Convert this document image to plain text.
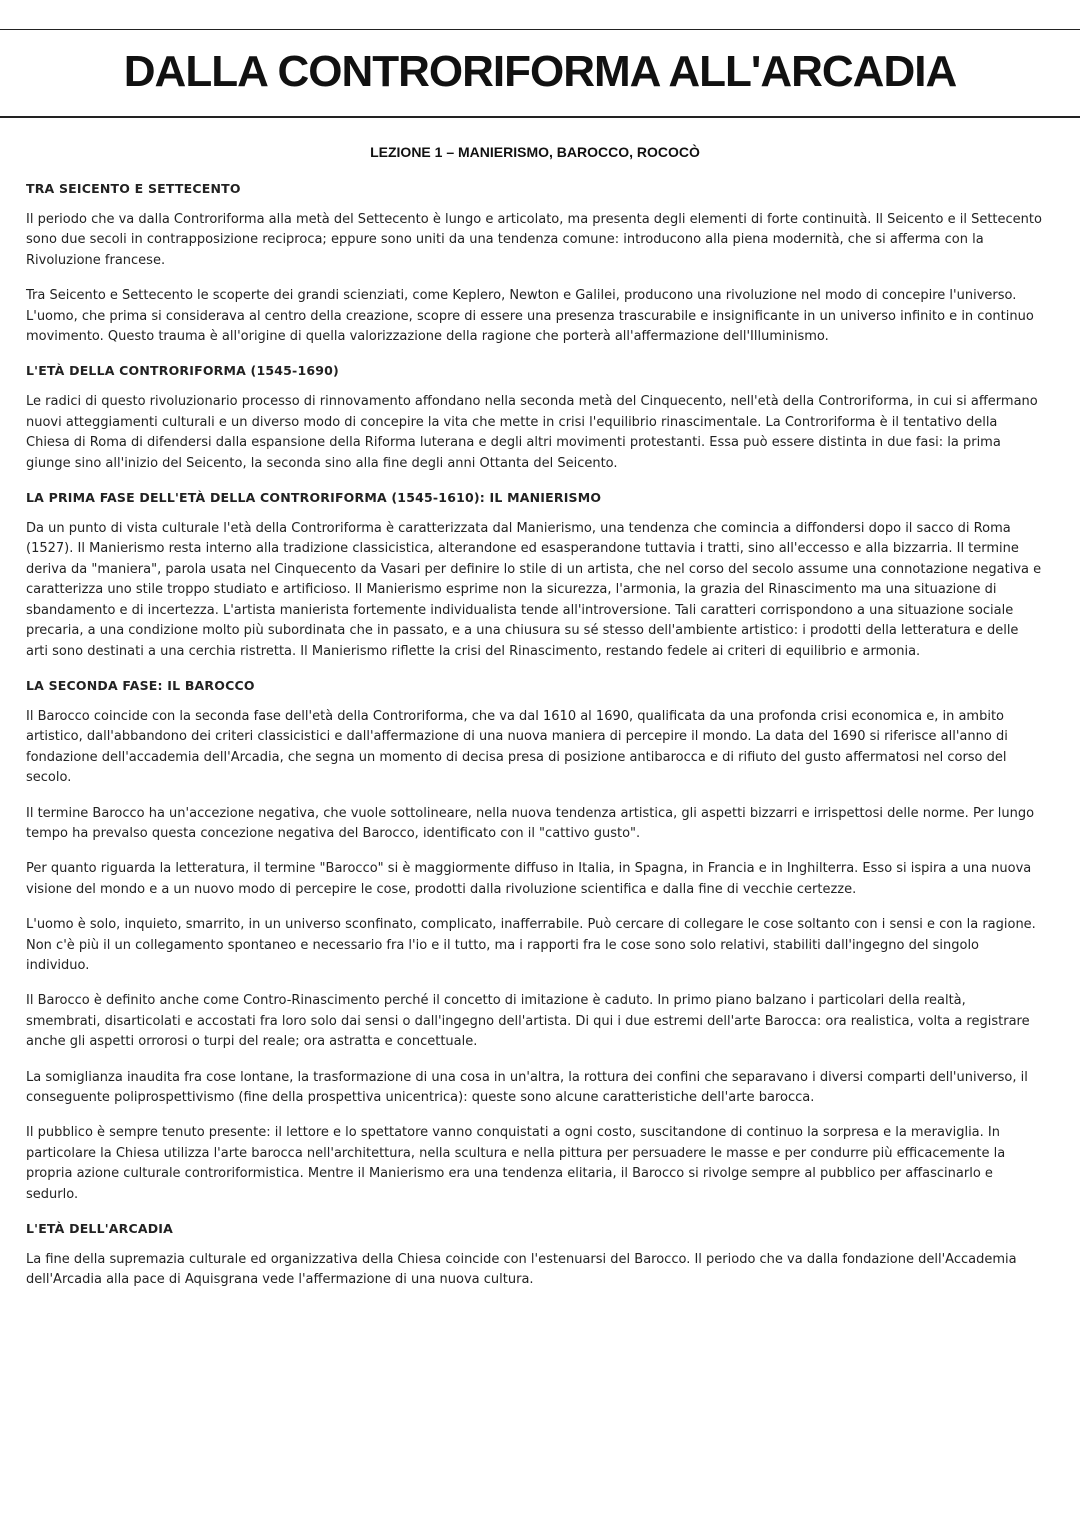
DALLA CONTRORIFORMA ALL'ARCADIA
LEZIONE 1 – MANIERISMO, BAROCCO, ROCOCÒ
TRA SEICENTO E SETTECENTO

Il periodo che va dalla Controriforma alla metà del Settecento è lungo e articolato, ma presenta degli elementi di forte continuità. Il Seicento e il Settecento sono due secoli in contrapposizione reciproca; eppure sono uniti da una tendenza comune: introducono alla piena modernità, che si afferma con la Rivoluzione francese.

Tra Seicento e Settecento le scoperte dei grandi scienziati, come Keplero, Newton e Galilei, producono una rivoluzione nel modo di concepire l'universo. L'uomo, che prima si considerava al centro della creazione, scopre di essere una presenza trascurabile e insignificante in un universo infinito e in continuo movimento. Questo trauma è all'origine di quella valorizzazione della ragione che porterà all'affermazione dell'Illuminismo.

L'ETÀ DELLA CONTRORIFORMA (1545-1690)

Le radici di questo rivoluzionario processo di rinnovamento affondano nella seconda metà del Cinquecento, nell'età della Controriforma, in cui si affermano nuovi atteggiamenti culturali e un diverso modo di concepire la vita che mette in crisi l'equilibrio rinascimentale. La Controriforma è il tentativo della Chiesa di Roma di difendersi dalla espansione della Riforma luterana e degli altri movimenti protestanti. Essa può essere distinta in due fasi: la prima giunge sino all'inizio del Seicento, la seconda sino alla fine degli anni Ottanta del Seicento.

LA PRIMA FASE DELL'ETÀ DELLA CONTRORIFORMA (1545-1610): IL MANIERISMO

Da un punto di vista culturale l'età della Controriforma è caratterizzata dal Manierismo, una tendenza che comincia a diffondersi dopo il sacco di Roma (1527). Il Manierismo resta interno alla tradizione classicistica, alterandone ed esasperandone tuttavia i tratti, sino all'eccesso e alla bizzarria. Il termine deriva da "maniera", parola usata nel Cinquecento da Vasari per definire lo stile di un artista, che nel corso del secolo assume una connotazione negativa e caratterizza uno stile troppo studiato e artificioso. Il Manierismo esprime non la sicurezza, l'armonia, la grazia del Rinascimento ma una situazione di sbandamento e di incertezza. L'artista manierista fortemente individualista tende all'introversione. Tali caratteri corrispondono a una situazione sociale precaria, a una condizione molto più subordinata che in passato, e a una chiusura su sé stesso dell'ambiente artistico: i prodotti della letteratura e delle arti sono destinati a una cerchia ristretta. Il Manierismo riflette la crisi del Rinascimento, restando fedele ai criteri di equilibrio e armonia.

LA SECONDA FASE: IL BAROCCO

Il Barocco coincide con la seconda fase dell'età della Controriforma, che va dal 1610 al 1690, qualificata da una profonda crisi economica e, in ambito artistico, dall'abbandono dei criteri classicistici e dall'affermazione di una nuova maniera di percepire il mondo. La data del 1690 si riferisce all'anno di fondazione dell'accademia dell'Arcadia, che segna un momento di decisa presa di posizione antibarocca e di rifiuto del gusto affermatosi nel corso del secolo.

Il termine Barocco ha un'accezione negativa, che vuole sottolineare, nella nuova tendenza artistica, gli aspetti bizzarri e irrispettosi delle norme. Per lungo tempo ha prevalso questa concezione negativa del Barocco, identificato con il "cattivo gusto".

Per quanto riguarda la letteratura, il termine "Barocco" si è maggiormente diffuso in Italia, in Spagna, in Francia e in Inghilterra. Esso si ispira a una nuova visione del mondo e a un nuovo modo di percepire le cose, prodotti dalla rivoluzione scientifica e dalla fine di vecchie certezze.

L'uomo è solo, inquieto, smarrito, in un universo sconfinato, complicato, inafferrabile. Può cercare di collegare le cose soltanto con i sensi e con la ragione. Non c'è più il un collegamento spontaneo e necessario fra l'io e il tutto, ma i rapporti fra le cose sono solo relativi, stabiliti dall'ingegno del singolo individuo.

Il Barocco è definito anche come Contro-Rinascimento perché il concetto di imitazione è caduto. In primo piano balzano i particolari della realtà, smembrati, disarticolati e accostati fra loro solo dai sensi o dall'ingegno dell'artista. Di qui i due estremi dell'arte Barocca: ora realistica, volta a registrare anche gli aspetti orrorosi o turpi del reale; ora astratta e concettuale.

La somiglianza inaudita fra cose lontane, la trasformazione di una cosa in un'altra, la rottura dei confini che separavano i diversi comparti dell'universo, il conseguente poliprospettivismo (fine della prospettiva unicentrica): queste sono alcune caratteristiche dell'arte barocca.

Il pubblico è sempre tenuto presente: il lettore e lo spettatore vanno conquistati a ogni costo, suscitandone di continuo la sorpresa e la meraviglia. In particolare la Chiesa utilizza l'arte barocca nell'architettura, nella scultura e nella pittura per persuadere le masse e per condurre più efficacemente la propria azione culturale controriformistica. Mentre il Manierismo era una tendenza elitaria, il Barocco si rivolge sempre al pubblico per affascinarlo e sedurlo.

L'ETÀ DELL'ARCADIA

La fine della supremazia culturale ed organizzativa della Chiesa coincide con l'estenuarsi del Barocco. Il periodo che va dalla fondazione dell'Accademia dell'Arcadia alla pace di Aquisgrana vede l'affermazione di una nuova cultura.
